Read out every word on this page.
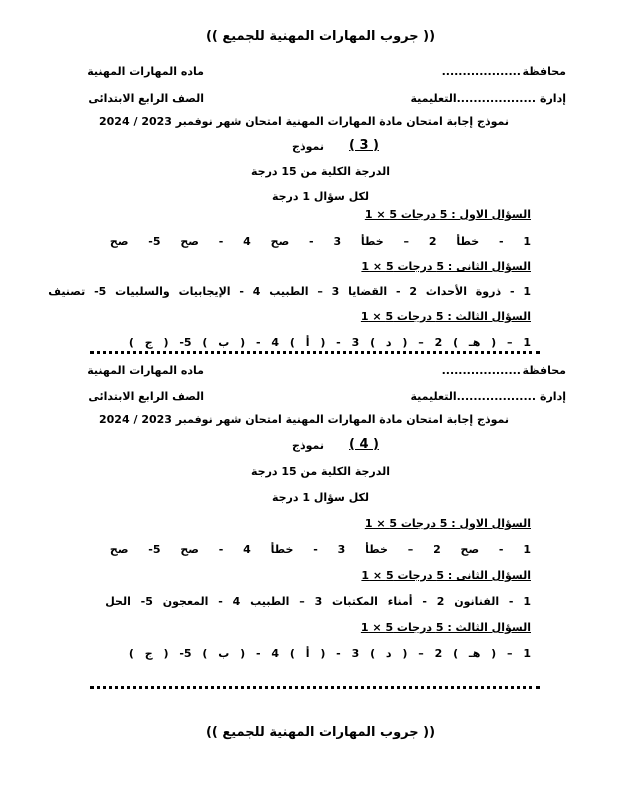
(( جروب المهارات المهنية للجميع ))
محافظة
...................
ماده المهارات المهنية
إدارة
...................التعليمية
الصف الرابع الابتدائى
نموذج إجابة امتحان مادة المهارات المهنية امتحان شهر نوفمبر 2023 / 2024
نموذج ( 3 )
الدرجة الكلية من 15 درجة
لكل سؤال 1 درجة
السؤال الاول : 5 درجات 5 × 1
1 - خطأ 2 – خطأ 3 - صح 4 - صح 5- صح
السؤال الثانى : 5 درجات 5 × 1
1 - ذروة الأحداث 2 - القضايا 3 – الطبيب 4 - الإيجابيات والسلبيات 5- تصنيف
السؤال الثالث : 5 درجات 5 × 1
1 – ( هـ ) 2 – ( د ) 3 - ( أ ) 4 - ( ب ) 5- ( ج )
محافظة
...................
ماده المهارات المهنية
إدارة
...................التعليمية
الصف الرابع الابتدائى
نموذج إجابة امتحان مادة المهارات المهنية امتحان شهر نوفمبر 2023 / 2024
نموذج ( 4 )
الدرجة الكلية من 15 درجة
لكل سؤال 1 درجة
السؤال الاول : 5 درجات 5 × 1
1 - صح 2 – خطأ 3 - خطأ 4 - صح 5- صح
السؤال الثانى : 5 درجات 5 × 1
1 - الفنانون 2 - أمناء المكتبات 3 – الطبيب 4 - المعجون 5- الحل
السؤال الثالث : 5 درجات 5 × 1
1 – ( هـ ) 2 – ( د ) 3 - ( أ ) 4 - ( ب ) 5- ( ج )
(( جروب المهارات المهنية للجميع ))
